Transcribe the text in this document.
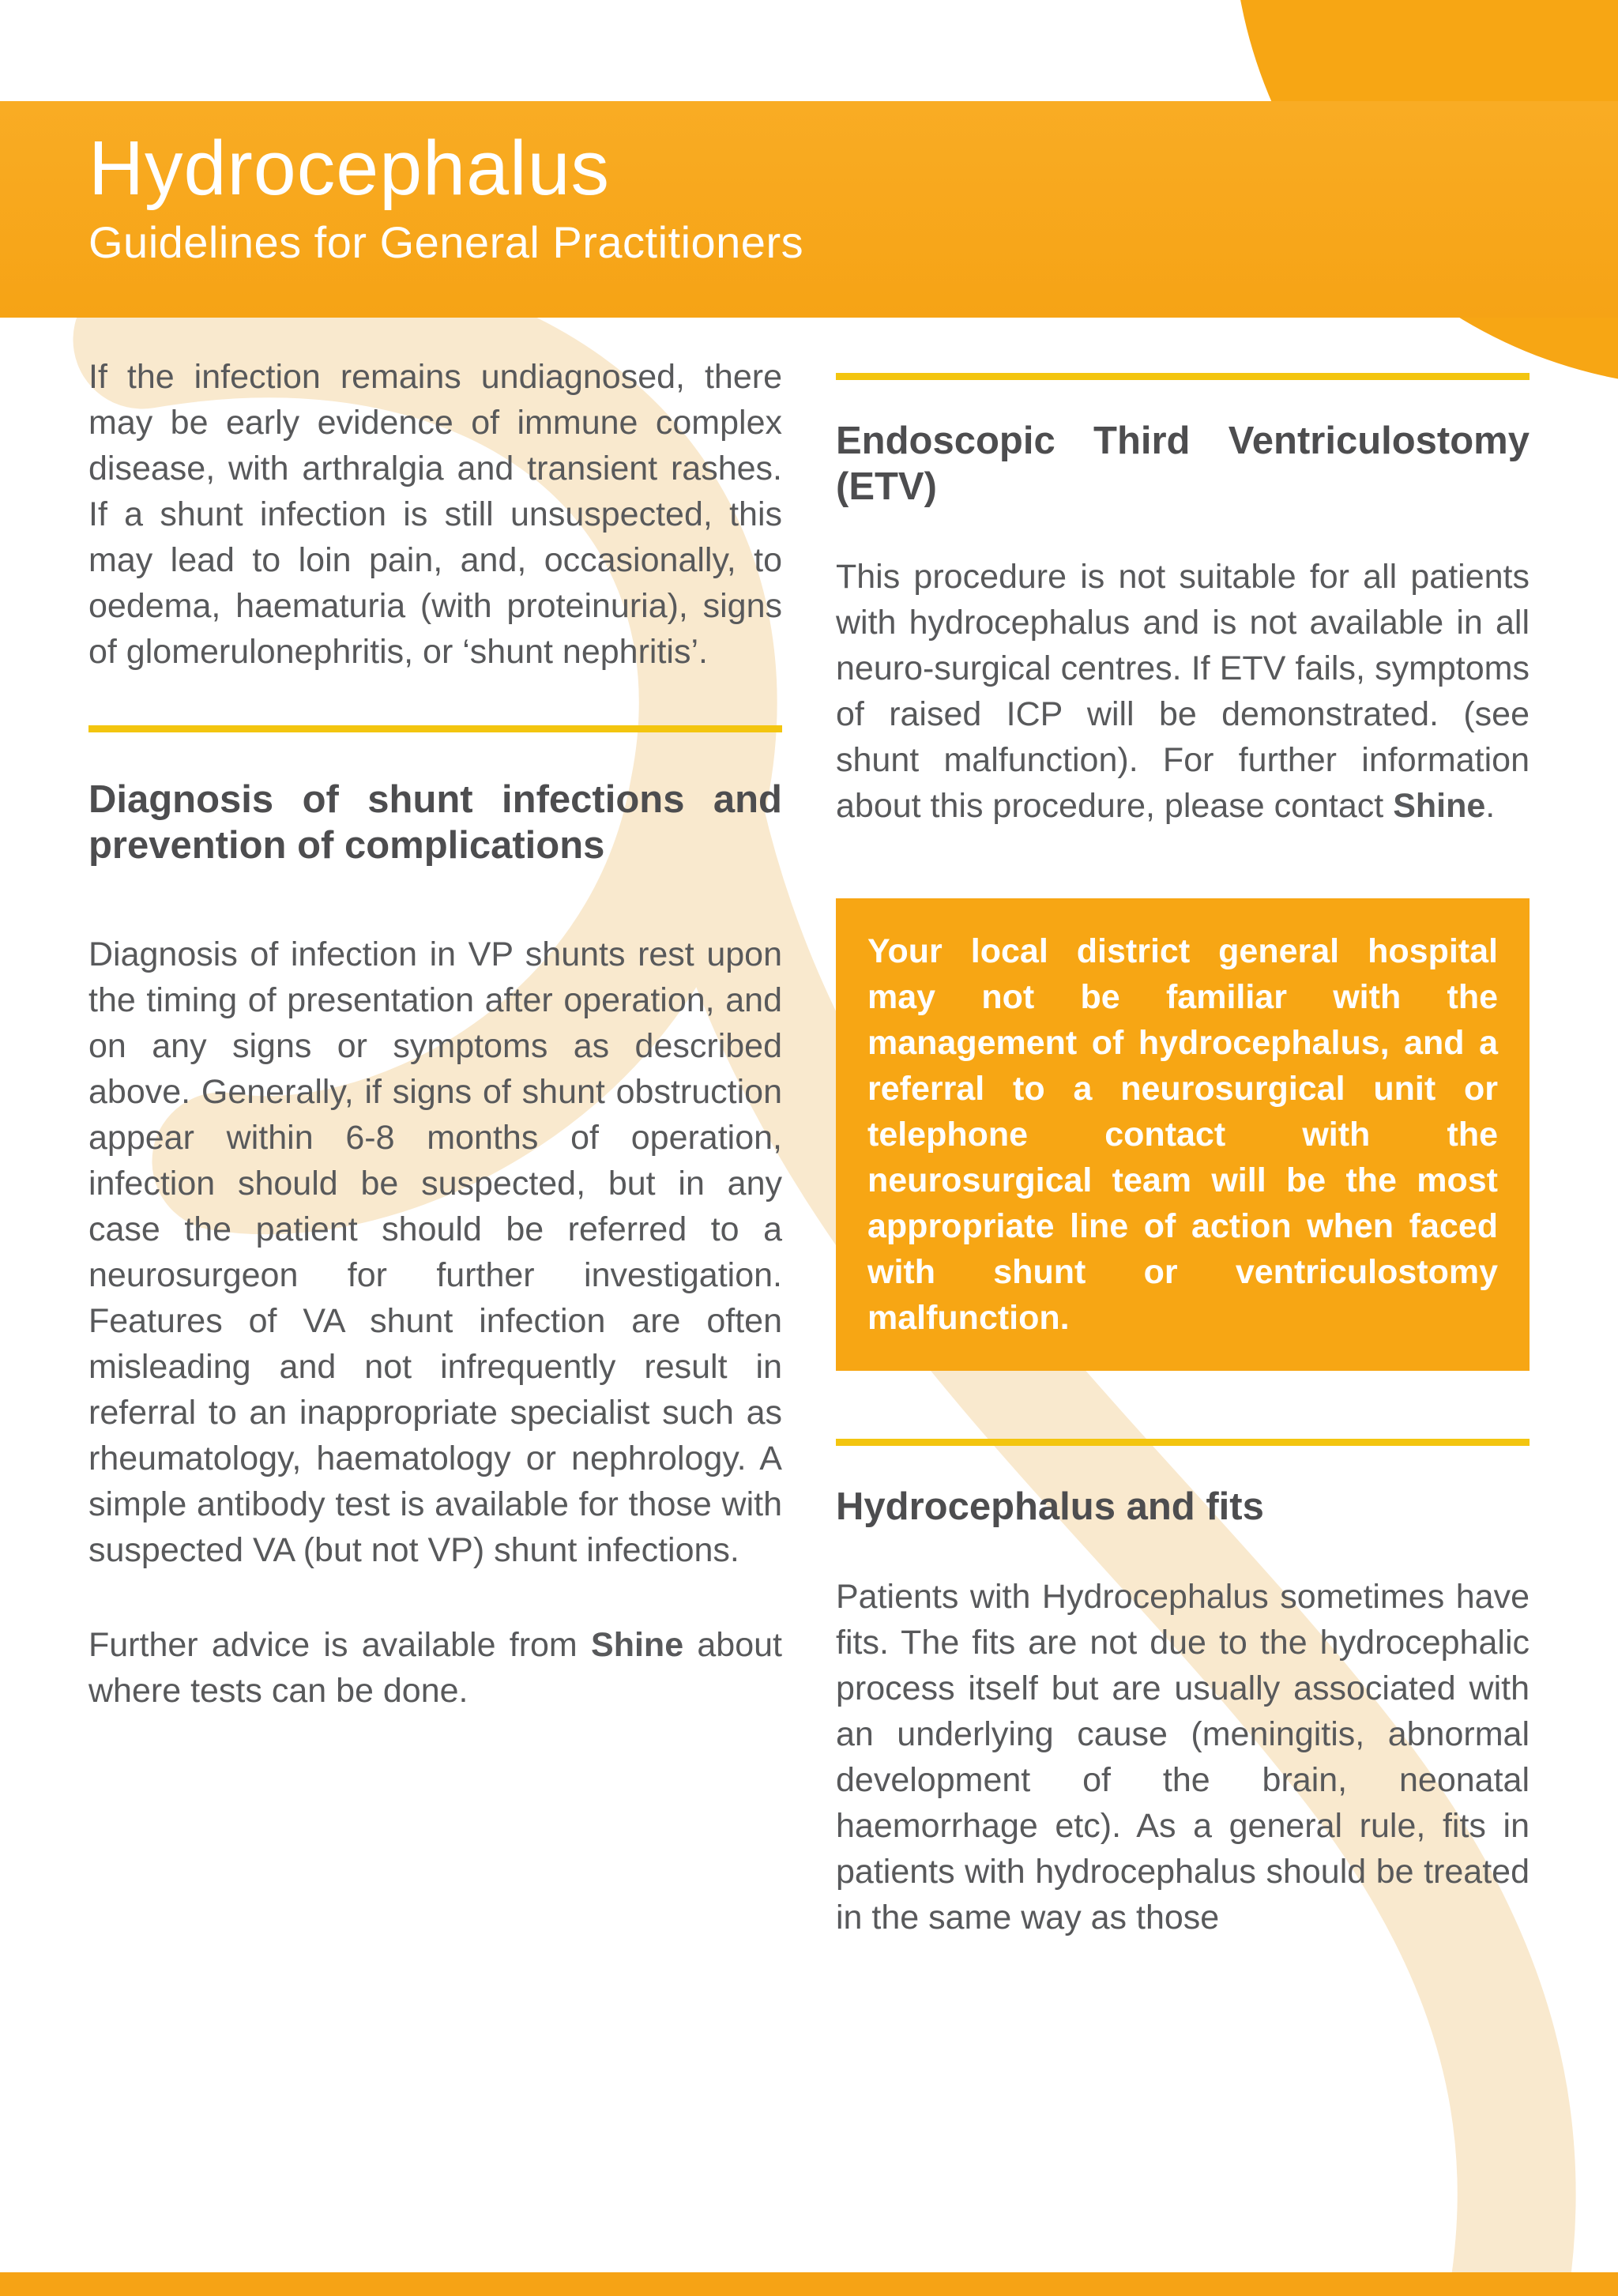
Hydrocephalus
Guidelines for General Practitioners

If the infection remains undiagnosed, there may be early evidence of immune complex disease, with arthralgia and transient rashes. If a shunt infection is still unsuspected, this may lead to loin pain, and, occasionally, to oedema, haematuria (with proteinuria), signs of glomerulonephritis, or ‘shunt nephritis’.

Diagnosis of shunt infections and prevention of complications

Diagnosis of infection in VP shunts rest upon the timing of presentation after operation, and on any signs or symptoms as described above. Generally, if signs of shunt obstruction appear within 6-8 months of operation, infection should be suspected, but in any case the patient should be referred to a neurosurgeon for further investigation. Features of VA shunt infection are often misleading and not infrequently result in referral to an inappropriate specialist such as rheumatology, haematology or nephrology. A simple antibody test is available for those with suspected VA (but not VP) shunt infections.

Further advice is available from Shine about where tests can be done.

Endoscopic Third Ventriculostomy (ETV)

This procedure is not suitable for all patients with hydrocephalus and is not available in all neuro-surgical centres. If ETV fails, symptoms of raised ICP will be demonstrated. (see shunt malfunction). For further information about this procedure, please contact Shine.

Your local district general hospital may not be familiar with the management of hydrocephalus, and a referral to a neurosurgical unit or telephone contact with the neurosurgical team will be the most appropriate line of action when faced with shunt or ventriculostomy malfunction.

Hydrocephalus and fits

Patients with Hydrocephalus sometimes have fits. The fits are not due to the hydrocephalic process itself but are usually associated with an underlying cause (meningitis, abnormal development of the brain, neonatal haemorrhage etc). As a general rule, fits in patients with hydrocephalus should be treated in the same way as those
